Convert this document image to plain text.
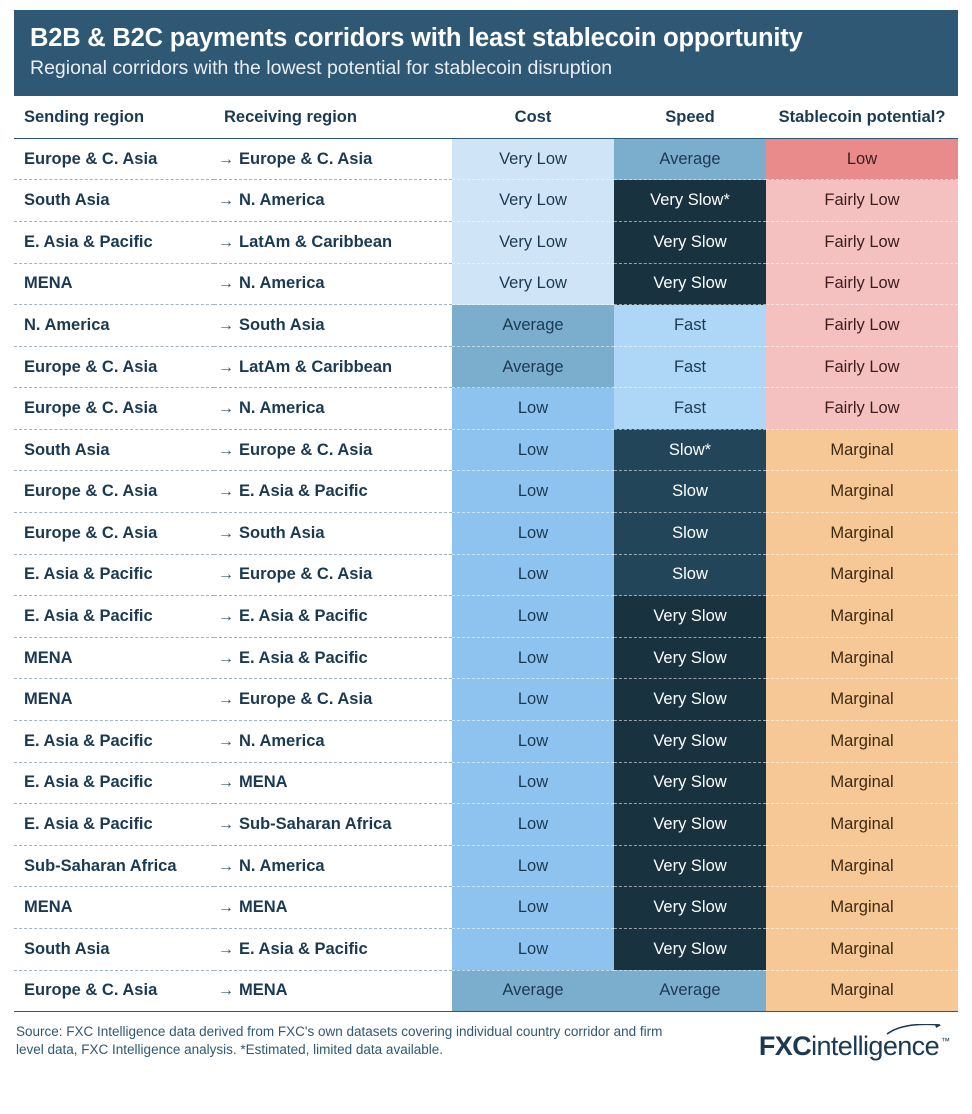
B2B & B2C payments corridors with least stablecoin opportunity
Regional corridors with the lowest potential for stablecoin disruption
Sending region	Receiving region	Cost	Speed	Stablecoin potential?
Europe & C. Asia	→ Europe & C. Asia	Very Low	Average	Low
South Asia	→ N. America	Very Low	Very Slow*	Fairly Low
E. Asia & Pacific	→ LatAm & Caribbean	Very Low	Very Slow	Fairly Low
MENA	→ N. America	Very Low	Very Slow	Fairly Low
N. America	→ South Asia	Average	Fast	Fairly Low
Europe & C. Asia	→ LatAm & Caribbean	Average	Fast	Fairly Low
Europe & C. Asia	→ N. America	Low	Fast	Fairly Low
South Asia	→ Europe & C. Asia	Low	Slow*	Marginal
Europe & C. Asia	→ E. Asia & Pacific	Low	Slow	Marginal
Europe & C. Asia	→ South Asia	Low	Slow	Marginal
E. Asia & Pacific	→ Europe & C. Asia	Low	Slow	Marginal
E. Asia & Pacific	→ E. Asia & Pacific	Low	Very Slow	Marginal
MENA	→ E. Asia & Pacific	Low	Very Slow	Marginal
MENA	→ Europe & C. Asia	Low	Very Slow	Marginal
E. Asia & Pacific	→ N. America	Low	Very Slow	Marginal
E. Asia & Pacific	→ MENA	Low	Very Slow	Marginal
E. Asia & Pacific	→ Sub-Saharan Africa	Low	Very Slow	Marginal
Sub-Saharan Africa	→ N. America	Low	Very Slow	Marginal
MENA	→ MENA	Low	Very Slow	Marginal
South Asia	→ E. Asia & Pacific	Low	Very Slow	Marginal
Europe & C. Asia	→ MENA	Average	Average	Marginal
Source: FXC Intelligence data derived from FXC's own datasets covering individual country corridor and firm level data, FXC Intelligence analysis. *Estimated, limited data available.	FXC intelligence ™
